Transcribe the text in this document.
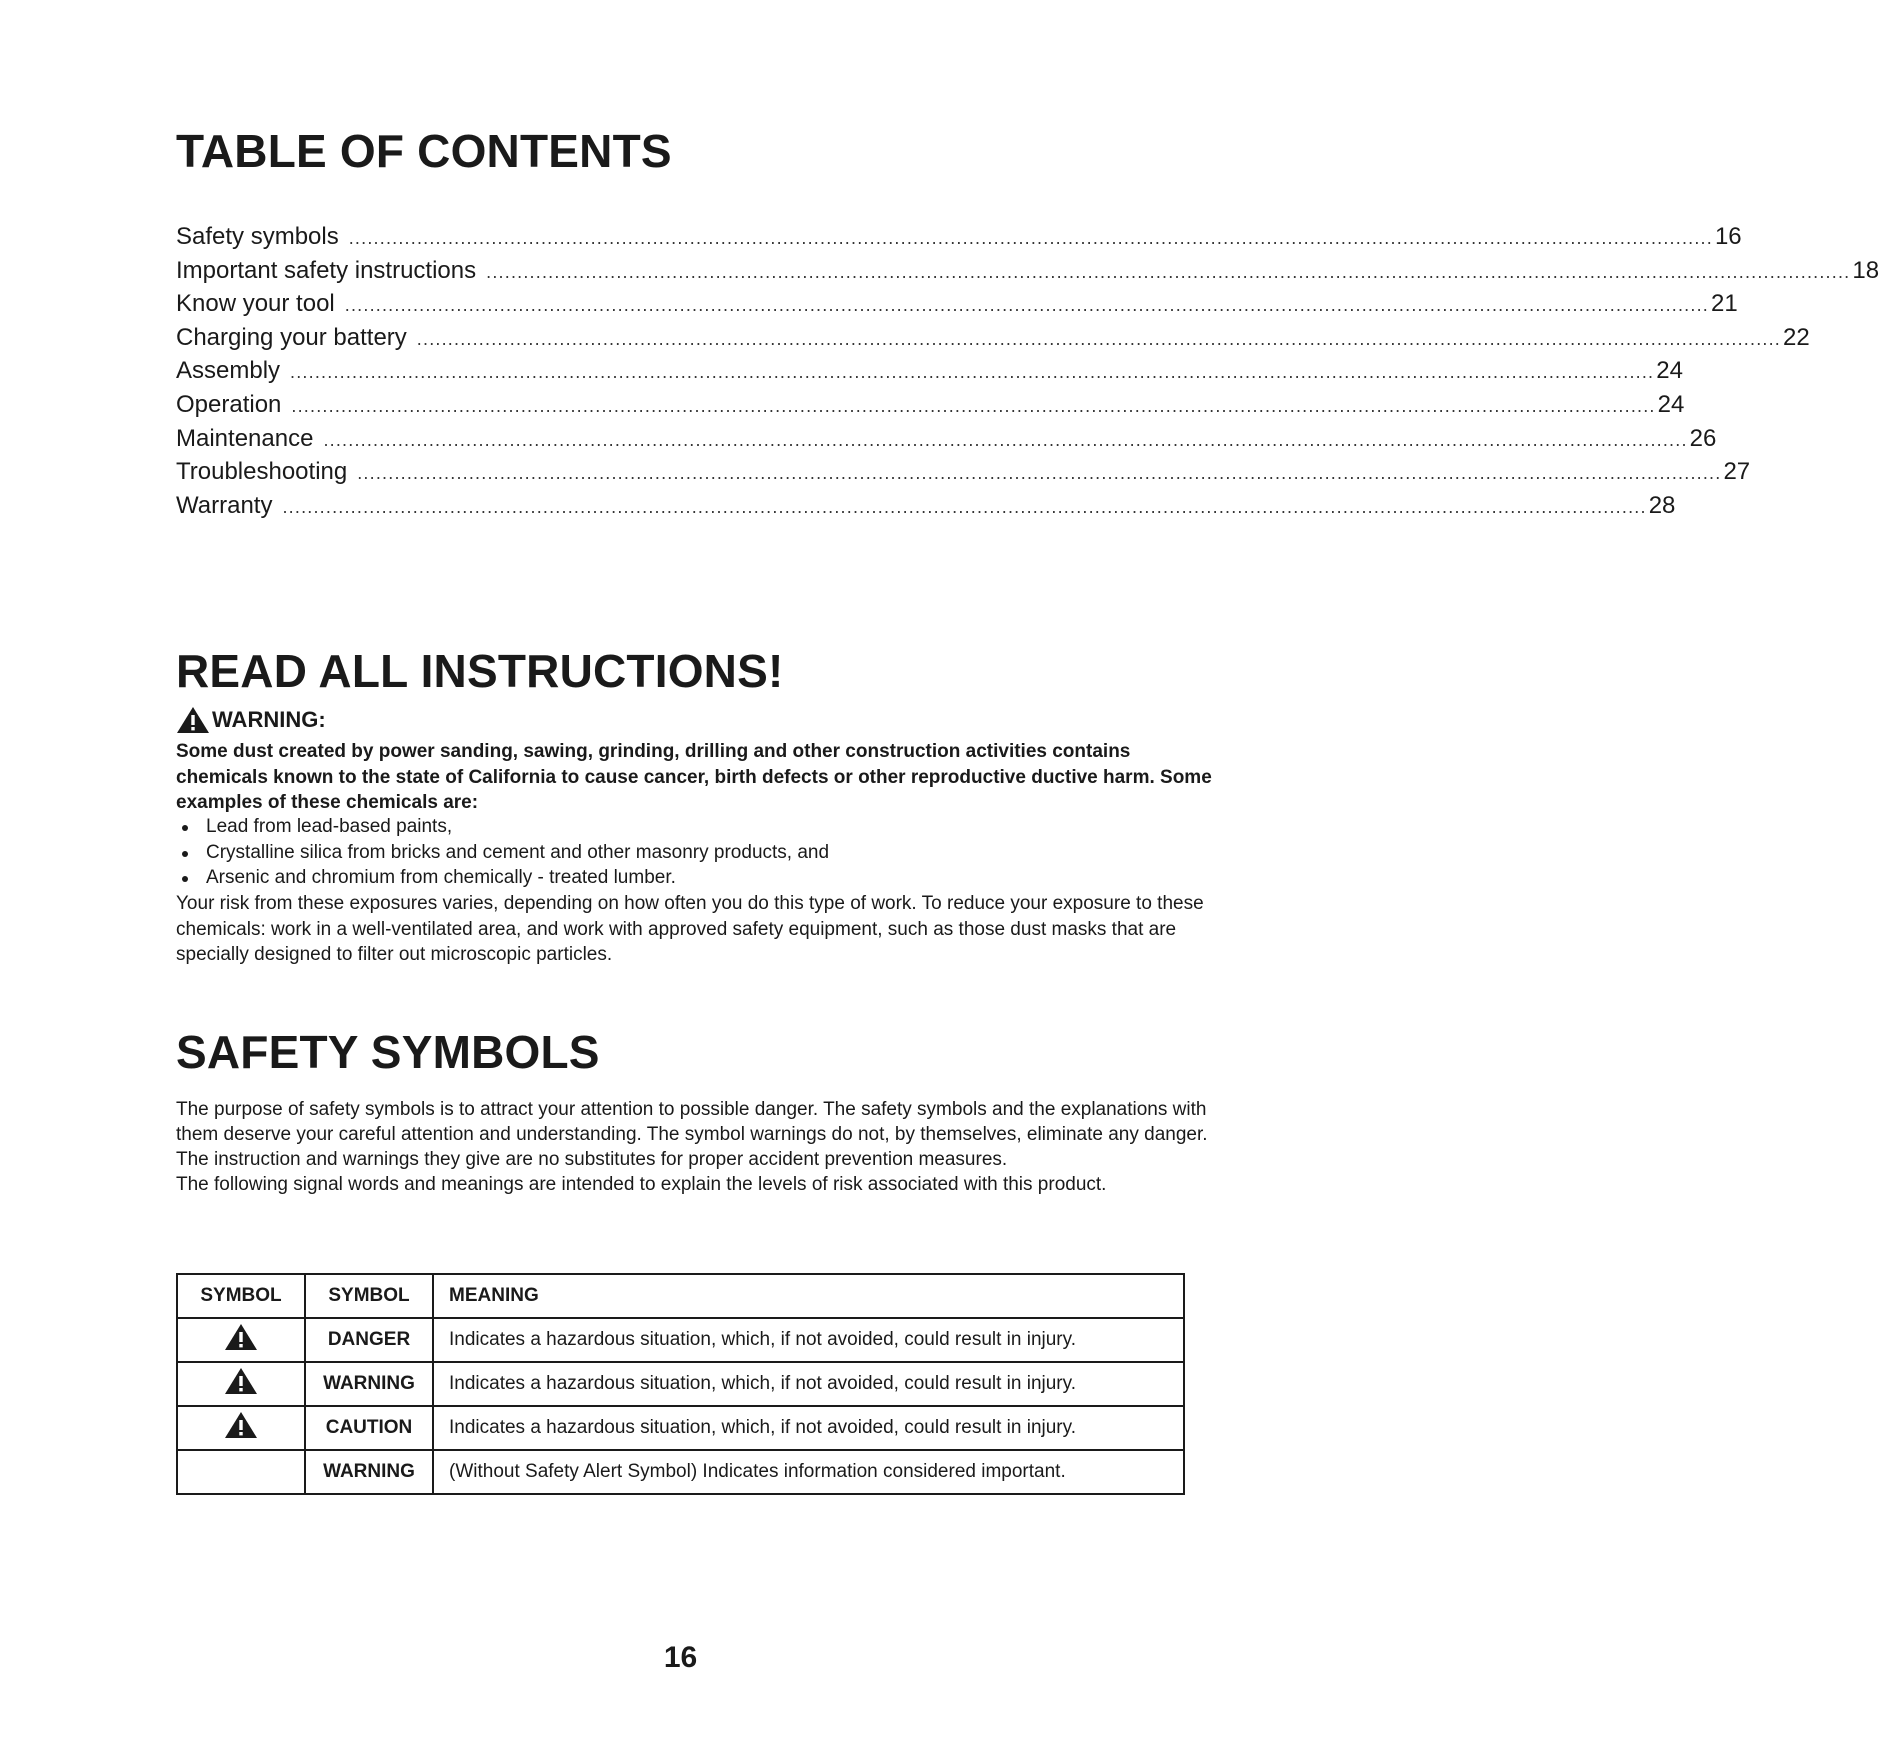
TABLE OF CONTENTS
Safety symbols ............................................................................................................................................................................................................................ 16
Important safety instructions ............................................................................................................................................................................................................................ 18
Know your tool ............................................................................................................................................................................................................................ 21
Charging your battery ............................................................................................................................................................................................................................ 22
Assembly ............................................................................................................................................................................................................................ 24
Operation ............................................................................................................................................................................................................................ 24
Maintenance ............................................................................................................................................................................................................................ 26
Troubleshooting ............................................................................................................................................................................................................................ 27
Warranty ............................................................................................................................................................................................................................ 28
READ ALL INSTRUCTIONS!
WARNING:

Some dust created by power sanding, sawing, grinding, drilling and other construction activities contains chemicals known to the state of California to cause cancer, birth defects or other reproductive ductive harm. Some examples of these chemicals are:

Lead from lead-based paints,
Crystalline silica from bricks and cement and other masonry products, and
Arsenic and chromium from chemically - treated lumber.

Your risk from these exposures varies, depending on how often you do this type of work. To reduce your exposure to these chemicals: work in a well-ventilated area, and work with approved safety equipment, such as those dust masks that are specially designed to filter out microscopic particles.

SAFETY SYMBOLS
The purpose of safety symbols is to attract your attention to possible danger. The safety symbols and the explanations with them deserve your careful attention and understanding. The symbol warnings do not, by themselves, eliminate any danger. The instruction and warnings they give are no substitutes for proper accident prevention measures.
The following signal words and meanings are intended to explain the levels of risk associated with this product.
SYMBOL	SYMBOL	MEANING
	DANGER	Indicates a hazardous situation, which, if not avoided, could result in injury.
	WARNING	Indicates a hazardous situation, which, if not avoided, could result in injury.
	CAUTION	Indicates a hazardous situation, which, if not avoided, could result in injury.
	WARNING	(Without Safety Alert Symbol) Indicates information considered important.
16
